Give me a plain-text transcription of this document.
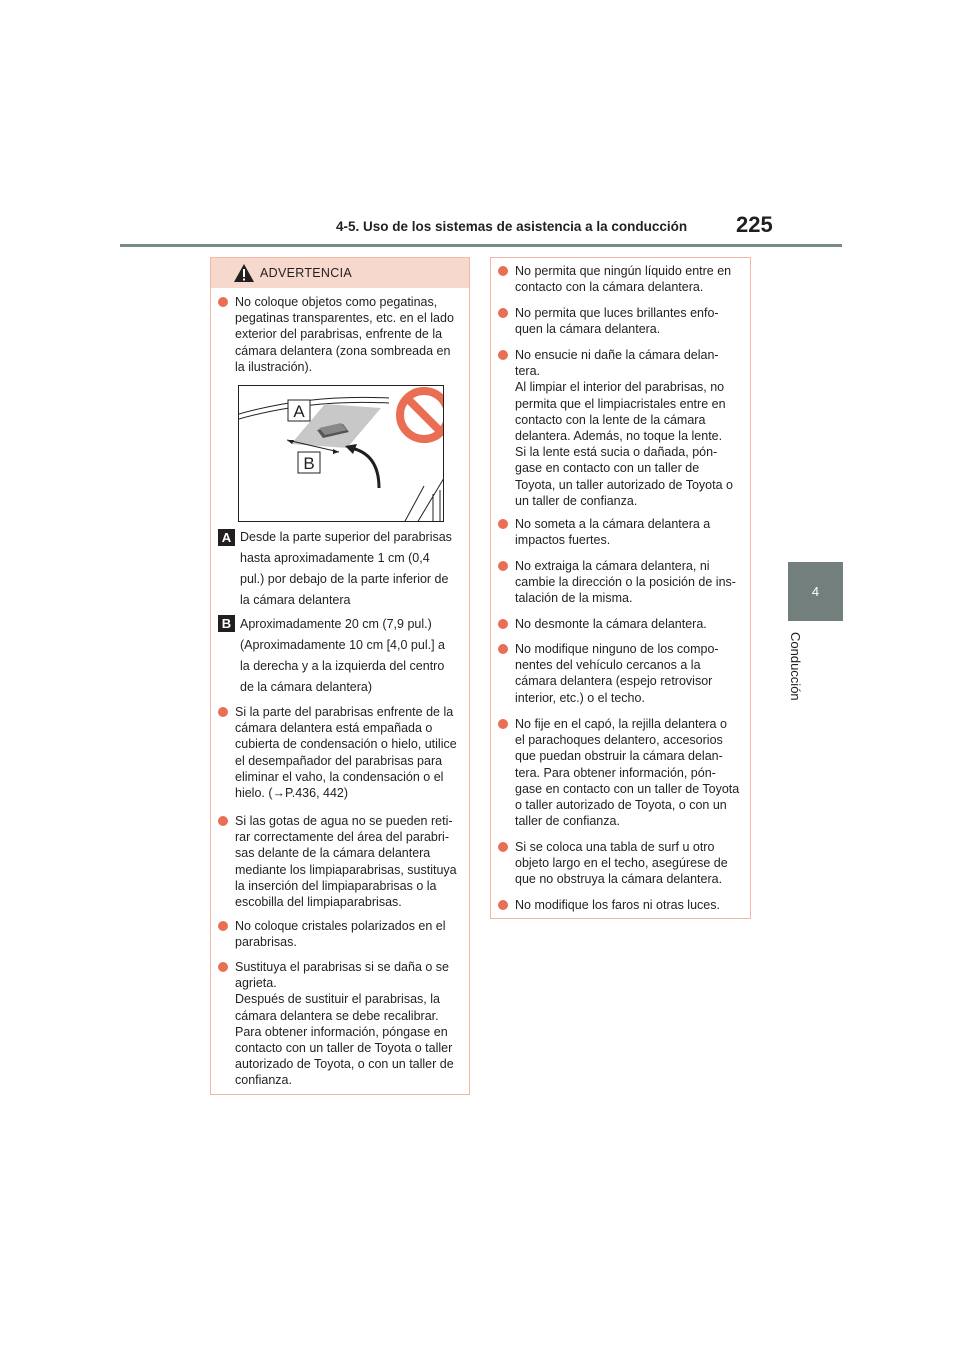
4-5. Uso de los sistemas de asistencia a la conducción 225
4
Conducción
ADVERTENCIA
No coloque objetos como pegatinas,
pegatinas transparentes, etc. en el lado
exterior del parabrisas, enfrente de la
cámara delantera (zona sombreada en
la ilustración).
A
B
A Desde la parte superior del parabrisas
hasta aproximadamente 1 cm (0,4
pul.) por debajo de la parte inferior de
la cámara delantera
B Aproximadamente 20 cm (7,9 pul.)
(Aproximadamente 10 cm [4,0 pul.] a
la derecha y a la izquierda del centro
de la cámara delantera)
Si la parte del parabrisas enfrente de la
cámara delantera está empañada o
cubierta de condensación o hielo, utilice
el desempañador del parabrisas para
eliminar el vaho, la condensación o el
hielo. (→P.436, 442)
Si las gotas de agua no se pueden reti-
rar correctamente del área del parabri-
sas delante de la cámara delantera
mediante los limpiaparabrisas, sustituya
la inserción del limpiaparabrisas o la
escobilla del limpiaparabrisas.
No coloque cristales polarizados en el
parabrisas.
Sustituya el parabrisas si se daña o se
agrieta.
Después de sustituir el parabrisas, la
cámara delantera se debe recalibrar.
Para obtener información, póngase en
contacto con un taller de Toyota o taller
autorizado de Toyota, o con un taller de
confianza.
No permita que ningún líquido entre en
contacto con la cámara delantera.
No permita que luces brillantes enfo-
quen la cámara delantera.
No ensucie ni dañe la cámara delan-
tera.
Al limpiar el interior del parabrisas, no
permita que el limpiacristales entre en
contacto con la lente de la cámara
delantera. Además, no toque la lente.
Si la lente está sucia o dañada, pón-
gase en contacto con un taller de
Toyota, un taller autorizado de Toyota o
un taller de confianza.
No someta a la cámara delantera a
impactos fuertes.
No extraiga la cámara delantera, ni
cambie la dirección o la posición de ins-
talación de la misma.
No desmonte la cámara delantera.
No modifique ninguno de los compo-
nentes del vehículo cercanos a la
cámara delantera (espejo retrovisor
interior, etc.) o el techo.
No fije en el capó, la rejilla delantera o
el parachoques delantero, accesorios
que puedan obstruir la cámara delan-
tera. Para obtener información, pón-
gase en contacto con un taller de Toyota
o taller autorizado de Toyota, o con un
taller de confianza.
Si se coloca una tabla de surf u otro
objeto largo en el techo, asegúrese de
que no obstruya la cámara delantera.
No modifique los faros ni otras luces.
